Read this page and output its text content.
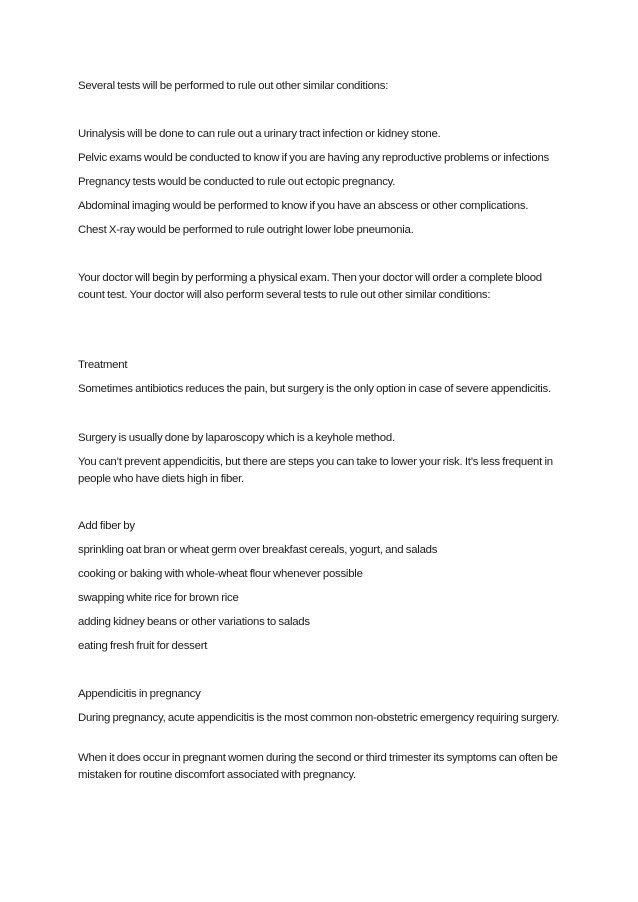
Several tests will be performed to rule out other similar conditions:

Urinalysis will be done to can rule out a urinary tract infection or kidney stone.

Pelvic exams would be conducted to know if you are having any reproductive problems or infections

Pregnancy tests would be conducted to rule out ectopic pregnancy.

Abdominal imaging would be performed to know if you have an abscess or other complications.

Chest X-ray would be performed to rule outright lower lobe pneumonia.

Your doctor will begin by performing a physical exam. Then your doctor will order a complete blood count test. Your doctor will also perform several tests to rule out other similar conditions:

Treatment

Sometimes antibiotics reduces the pain, but surgery is the only option in case of severe appendicitis.

Surgery is usually done by laparoscopy which is a keyhole method.

You can’t prevent appendicitis, but there are steps you can take to lower your risk. It’s less frequent in people who have diets high in fiber.

Add fiber by

sprinkling oat bran or wheat germ over breakfast cereals, yogurt, and salads

cooking or baking with whole-wheat flour whenever possible

swapping white rice for brown rice

adding kidney beans or other variations to salads

eating fresh fruit for dessert

Appendicitis in pregnancy

During pregnancy, acute appendicitis is the most common non-obstetric emergency requiring surgery.

When it does occur in pregnant women during the second or third trimester its symptoms can often be mistaken for routine discomfort associated with pregnancy.
